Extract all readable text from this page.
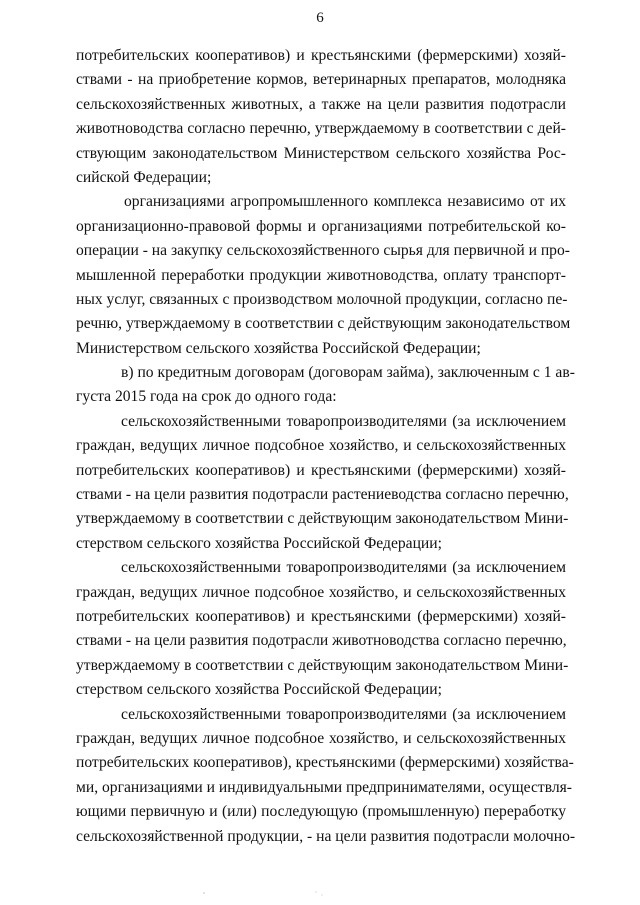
6
потребительских кооперативов) и крестьянскими (фермерскими) хозяй-
ствами - на приобретение кормов, ветеринарных препаратов, молодняка
сельскохозяйственных животных, а также на цели развития подотрасли
животноводства согласно перечню, утверждаемому в соответствии с дей-
ствующим законодательством Министерством сельского хозяйства Рос-
сийской Федерации;
организациями агропромышленного комплекса независимо от их
организационно-правовой формы и организациями потребительской ко-
операции - на закупку сельскохозяйственного сырья для первичной и про-
мышленной переработки продукции животноводства, оплату транспорт-
ных услуг, связанных с производством молочной продукции, согласно пе-
речню, утверждаемому в соответствии с действующим законодательством
Министерством сельского хозяйства Российской Федерации;
в) по кредитным договорам (договорам займа), заключенным с 1 ав-
густа 2015 года на срок до одного года:
сельскохозяйственными товаропроизводителями (за исключением
граждан, ведущих личное подсобное хозяйство, и сельскохозяйственных
потребительских кооперативов) и крестьянскими (фермерскими) хозяй-
ствами - на цели развития подотрасли растениеводства согласно перечню,
утверждаемому в соответствии с действующим законодательством Мини-
стерством сельского хозяйства Российской Федерации;
сельскохозяйственными товаропроизводителями (за исключением
граждан, ведущих личное подсобное хозяйство, и сельскохозяйственных
потребительских кооперативов) и крестьянскими (фермерскими) хозяй-
ствами - на цели развития подотрасли животноводства согласно перечню,
утверждаемому в соответствии с действующим законодательством Мини-
стерством сельского хозяйства Российской Федерации;
сельскохозяйственными товаропроизводителями (за исключением
граждан, ведущих личное подсобное хозяйство, и сельскохозяйственных
потребительских кооперативов), крестьянскими (фермерскими) хозяйства-
ми, организациями и индивидуальными предпринимателями, осуществля-
ющими первичную и (или) последующую (промышленную) переработку
сельскохозяйственной продукции, - на цели развития подотрасли молочно-
